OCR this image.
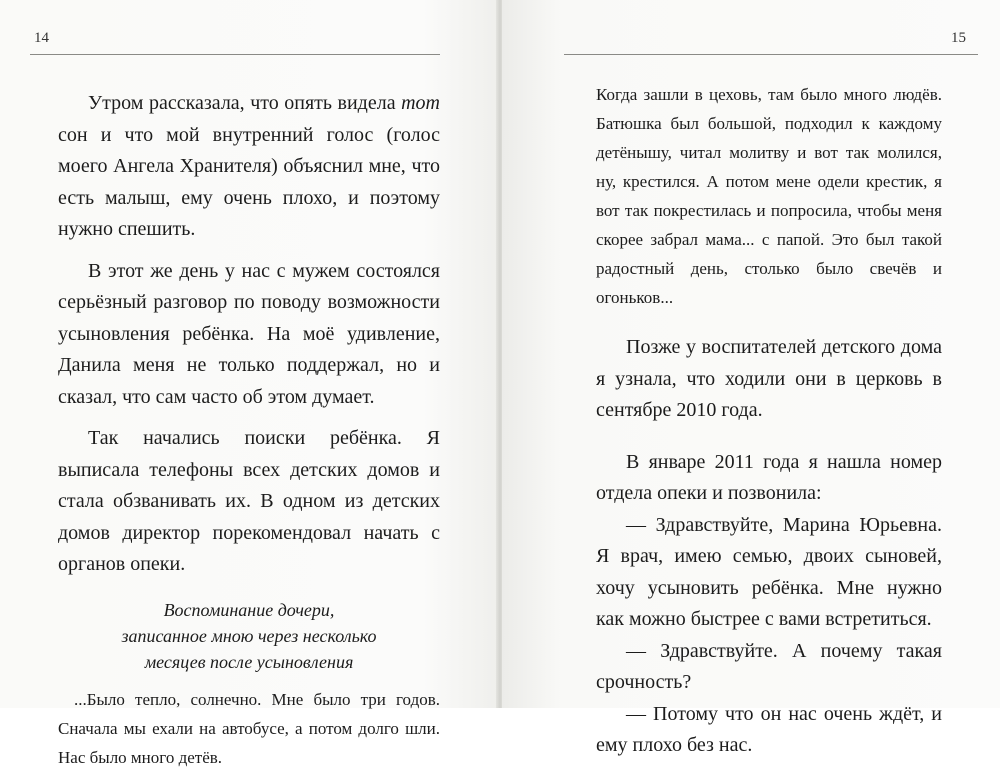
14

Утром рассказала, что опять видела тот сон и что мой внутренний голос (голос моего Ангела Хранителя) объяснил мне, что есть малыш, ему очень плохо, и поэтому нужно спешить.

В этот же день у нас с мужем состоялся серьёзный разговор по поводу возможности усыновления ребёнка. На моё удивление, Данила меня не только поддержал, но и сказал, что сам часто об этом думает.

Так начались поиски ребёнка. Я выписала телефоны всех детских домов и стала обзванивать их. В одном из детских домов директор порекомендовал начать с органов опеки.

Воспоминание дочери,
записанное мною через несколько
месяцев после усыновления

...Было тепло, солнечно. Мне было три годов. Сначала мы ехали на автобусе, а потом долго шли. Нас было много детёв.

15

Когда зашли в цеховь, там было много людёв. Батюшка был большой, подходил к каждому детёнышу, читал молитву и вот так молился, ну, крестился. А потом мене одели крестик, я вот так покрестилась и попросила, чтобы меня скорее забрал мама... с папой. Это был такой радостный день, столько было свечёв и огоньков...

Позже у воспитателей детского дома я узнала, что ходили они в церковь в сентябре 2010 года.

В январе 2011 года я нашла номер отдела опеки и позвонила:

— Здравствуйте, Марина Юрьевна. Я врач, имею семью, двоих сыновей, хочу усыновить ребёнка. Мне нужно как можно быстрее с вами встретиться.

— Здравствуйте. А почему такая срочность?

— Потому что он нас очень ждёт, и ему плохо без нас.
